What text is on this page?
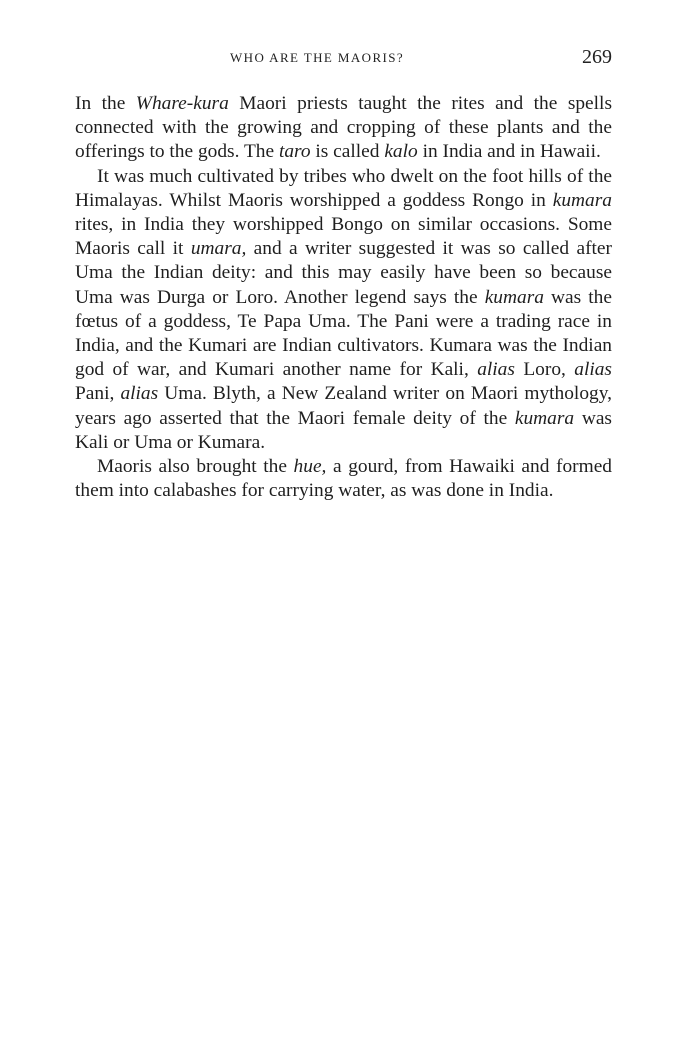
WHO ARE THE MAORIS?	269

In the Whare-kura Maori priests taught the rites and the spells connected with the growing and cropping of these plants and the offerings to the gods. The taro is called kalo in India and in Hawaii.

It was much cultivated by tribes who dwelt on the foot hills of the Himalayas. Whilst Maoris worshipped a goddess Rongo in kumara rites, in India they worshipped Bongo on similar occasions. Some Maoris call it umara, and a writer suggested it was so called after Uma the Indian deity: and this may easily have been so because Uma was Durga or Loro. Another legend says the kumara was the fœtus of a goddess, Te Papa Uma. The Pani were a trading race in India, and the Kumari are Indian cultivators. Kumara was the Indian god of war, and Kumari another name for Kali, alias Loro, alias Pani, alias Uma. Blyth, a New Zealand writer on Maori mythology, years ago asserted that the Maori female deity of the kumara was Kali or Uma or Kumara.

Maoris also brought the hue, a gourd, from Hawaiki and formed them into calabashes for carrying water, as was done in India.
